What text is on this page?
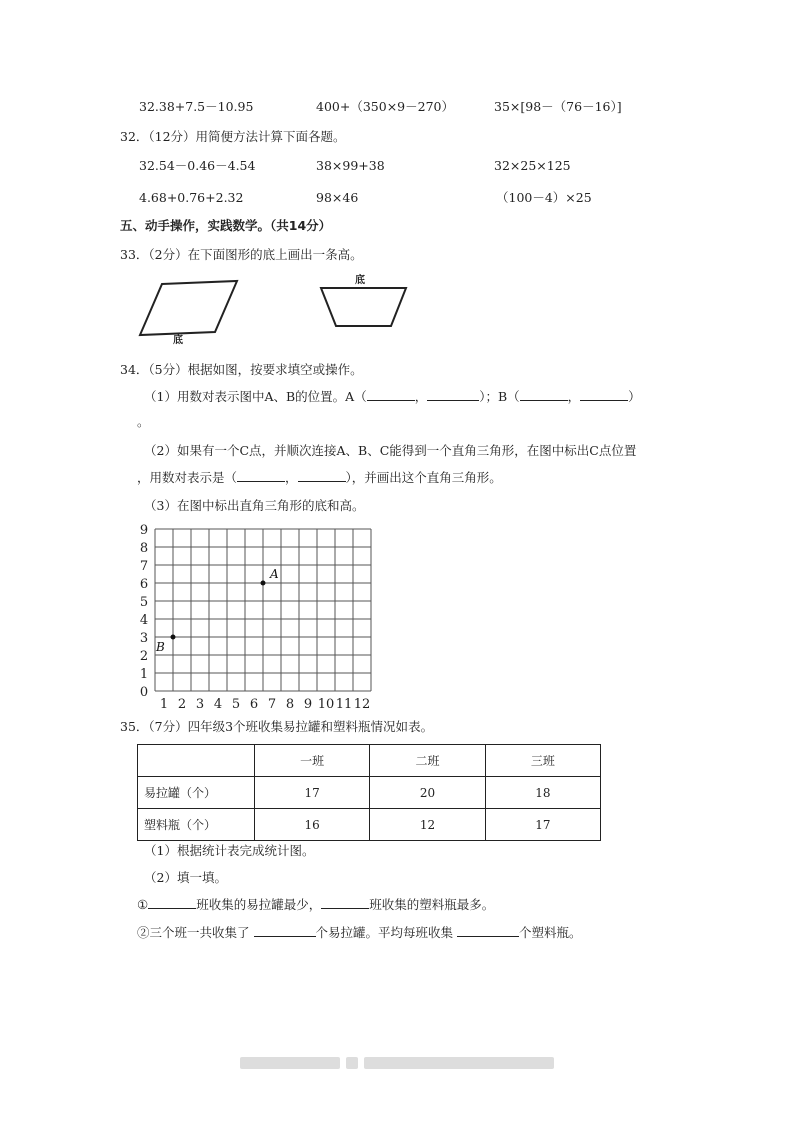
32.38+7.5－10.95	400+（350×9－270）	35×[98－（76－16）]
32．（12分）用简便方法计算下面各题。
32.54－0.46－4.54	38×99+38	32×25×125
4.68+0.76+2.32	98×46	（100－4）×25
五、动手操作，实践数学。（共14分）
33．（2分）在下面图形的底上画出一条高。
底
底
34．（5分）根据如图，按要求填空或操作。
（1）用数对表示图中A、B的位置。A（	，	）；B（	，	）
。
（2）如果有一个C点，并顺次连接A、B、C能得到一个直角三角形，在图中标出C点位置
，用数对表示是（	，	），并画出这个直角三角形。
（3）在图中标出直角三角形的底和高。
9
8
7
6
5
4
3
2
1
0
1 2 3 4 5 6 7 8 9 10 11 12
A
B
35．（7分）四年级3个班收集易拉罐和塑料瓶情况如表。
	一班	二班	三班
易拉罐（个）	17	20	18
塑料瓶（个）	16	12	17
（1）根据统计表完成统计图。
（2）填一填。
①	班收集的易拉罐最少，	班收集的塑料瓶最多。
②三个班一共收集了	个易拉罐。平均每班收集	个塑料瓶。
